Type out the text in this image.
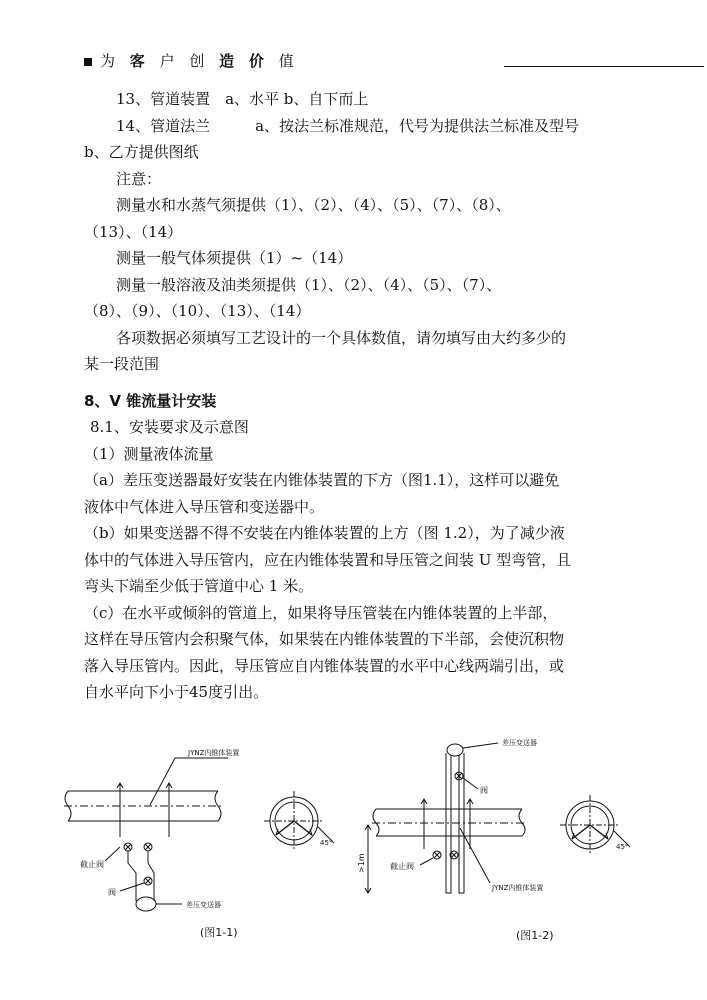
为 客 户 创 造 价 值

13、管道装置　a、水平 b、自下而上

14、管道法兰　　　a、按法兰标准规范，代号为提供法兰标准及型号

b、乙方提供图纸

注意：

测量水和水蒸气须提供（1）、（2）、（4）、（5）、（7）、（8）、

（13）、（14）

测量一般气体须提供（1）~（14）

测量一般溶液及油类须提供（1）、（2）、（4）、（5）、（7）、

（8）、（9）、（10）、（13）、（14）

各项数据必须填写工艺设计的一个具体数值，请勿填写由大约多少的

某一段范围

8、V 锥流量计安装

8.1、安装要求及示意图

（1）测量液体流量

（a）差压变送器最好安装在内锥体装置的下方（图1.1），这样可以避免

液体中气体进入导压管和变送器中。

（b）如果变送器不得不安装在内锥体装置的上方（图 1.2），为了减少液

体中的气体进入导压管内，应在内锥体装置和导压管之间装 U 型弯管，且

弯头下端至少低于管道中心 1 米。

（c）在水平或倾斜的管道上，如果将导压管装在内锥体装置的上半部，

这样在导压管内会积聚气体，如果装在内锥体装置的下半部，会使沉积物

落入导压管内。因此，导压管应自内锥体装置的水平中心线两端引出，或

自水平向下小于45度引出。

JYNZ内锥体装置
截止阀
阀
差压变送器
45°
(图1-1)
差压变送器
阀
截止阀
>1m
JYNZ内锥体装置
45°
(图1-2)
